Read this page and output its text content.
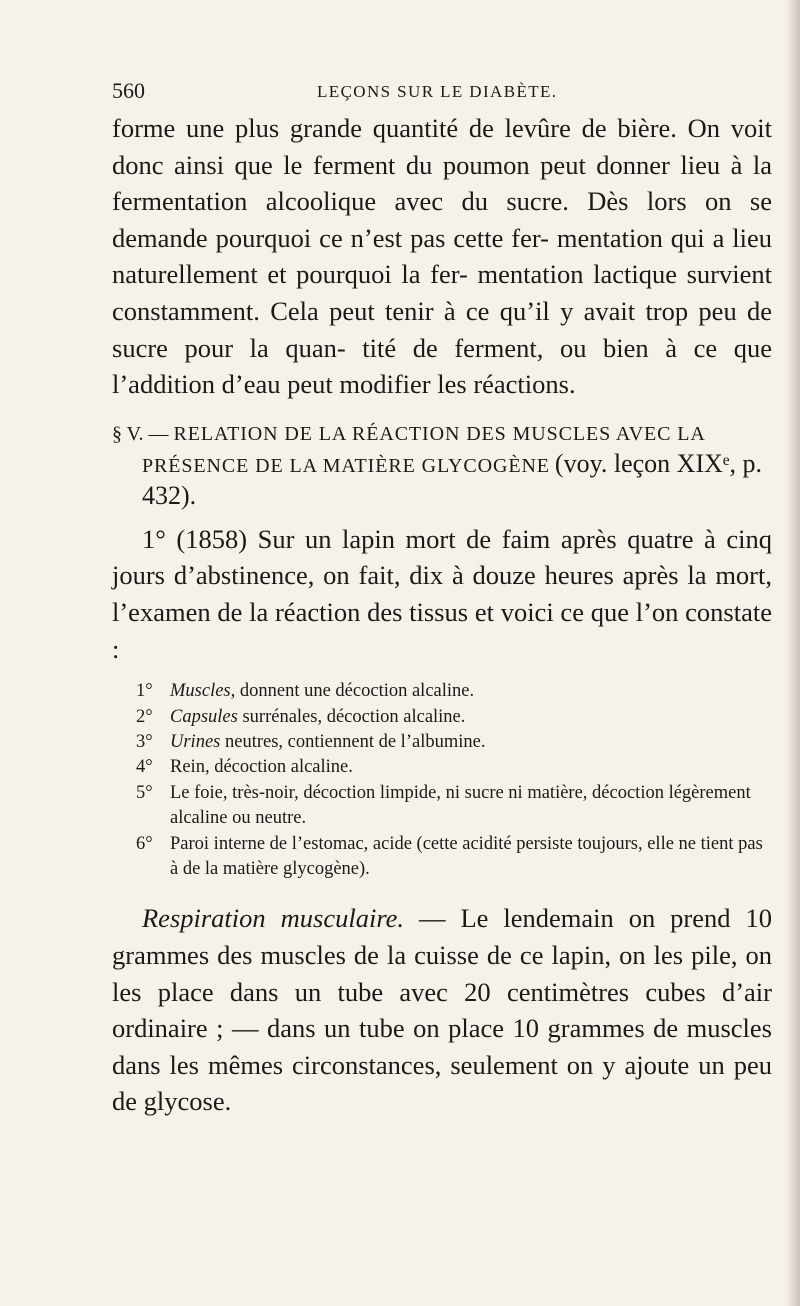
560	LEÇONS SUR LE DIABÈTE.

forme une plus grande quantité de levûre de bière. On voit donc ainsi que le ferment du poumon peut donner lieu à la fermentation alcoolique avec du sucre. Dès lors on se demande pourquoi ce n’est pas cette fer- mentation qui a lieu naturellement et pourquoi la fer- mentation lactique survient constamment. Cela peut tenir à ce qu’il y avait trop peu de sucre pour la quan- tité de ferment, ou bien à ce que l’addition d’eau peut modifier les réactions.

§ V. — RELATION DE LA RÉACTION DES MUSCLES AVEC LA PRÉSENCE DE LA MATIÈRE GLYCOGÈNE (voy. leçon XIXᵉ, p. 432).

1° (1858) Sur un lapin mort de faim après quatre à cinq jours d’abstinence, on fait, dix à douze heures après la mort, l’examen de la réaction des tissus et voici ce que l’on constate :

1° Muscles, donnent une décoction alcaline.
2° Capsules surrénales, décoction alcaline.
3° Urines neutres, contiennent de l’albumine.
4° Rein, décoction alcaline.
5° Le foie, très-noir, décoction limpide, ni sucre ni matière, décoction légèrement alcaline ou neutre.
6° Paroi interne de l’estomac, acide (cette acidité persiste toujours, elle ne tient pas à de la matière glycogène).

Respiration musculaire. — Le lendemain on prend 10 grammes des muscles de la cuisse de ce lapin, on les pile, on les place dans un tube avec 20 centimètres cubes d’air ordinaire ; — dans un tube on place 10 grammes de muscles dans les mêmes circonstances, seulement on y ajoute un peu de glycose.
